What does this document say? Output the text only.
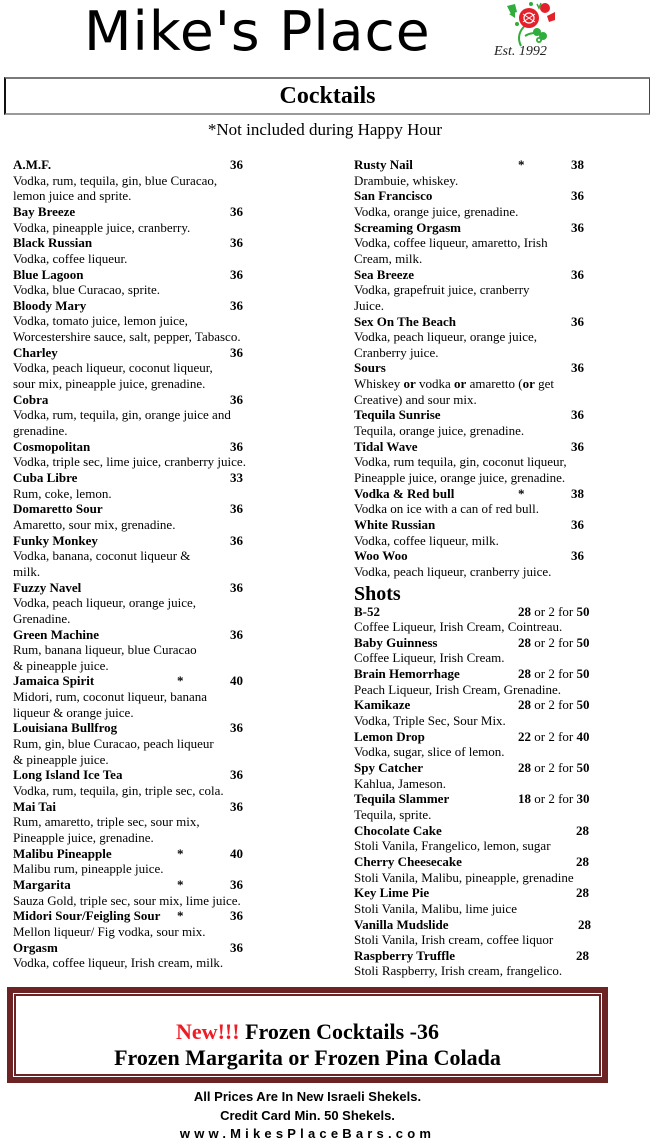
Mike's Place	Est. 1992
Cocktails
*Not included during Happy Hour
A.M.F.	36
Vodka, rum, tequila, gin, blue Curacao,
lemon juice and sprite.
Bay Breeze	36
Vodka, pineapple juice, cranberry.
Black Russian	36
Vodka, coffee liqueur.
Blue Lagoon	36
Vodka, blue Curacao, sprite.
Bloody Mary	36
Vodka, tomato juice, lemon juice,
Worcestershire sauce, salt, pepper, Tabasco.
Charley	36
Vodka, peach liqueur, coconut liqueur,
sour mix, pineapple juice, grenadine.
Cobra	36
Vodka, rum, tequila, gin, orange juice and
grenadine.
Cosmopolitan	36
Vodka, triple sec, lime juice, cranberry juice.
Cuba Libre	33
Rum, coke, lemon.
Domaretto Sour	36
Amaretto, sour mix, grenadine.
Funky Monkey	36
Vodka, banana, coconut liqueur &
milk.
Fuzzy Navel	36
Vodka, peach liqueur, orange juice,
Grenadine.
Green Machine	36
Rum, banana liqueur, blue Curacao
& pineapple juice.
Jamaica Spirit	*	40
Midori, rum, coconut liqueur, banana
liqueur & orange juice.
Louisiana Bullfrog	36
Rum, gin, blue Curacao, peach liqueur
& pineapple juice.
Long Island Ice Tea	36
Vodka, rum, tequila, gin, triple sec, cola.
Mai Tai	36
Rum, amaretto, triple sec, sour mix,
Pineapple juice, grenadine.
Malibu Pineapple	*	40
Malibu rum, pineapple juice.
Margarita	*	36
Sauza Gold, triple sec, sour mix, lime juice.
Midori Sour/Feigling Sour *	36
Mellon liqueur/ Fig vodka, sour mix.
Orgasm	36
Vodka, coffee liqueur, Irish cream, milk.
Rusty Nail	*	38
Drambuie, whiskey.
San Francisco	36
Vodka, orange juice, grenadine.
Screaming Orgasm	36
Vodka, coffee liqueur, amaretto, Irish
Cream, milk.
Sea Breeze	36
Vodka, grapefruit juice, cranberry
Juice.
Sex On The Beach	36
Vodka, peach liqueur, orange juice,
Cranberry juice.
Sours	36
Whiskey or vodka or amaretto (or get
Creative) and sour mix.
Tequila Sunrise	36
Tequila, orange juice, grenadine.
Tidal Wave	36
Vodka, rum tequila, gin, coconut liqueur,
Pineapple juice, orange juice, grenadine.
Vodka & Red bull	*	38
Vodka on ice with a can of red bull.
White Russian	36
Vodka, coffee liqueur, milk.
Woo Woo	36
Vodka, peach liqueur, cranberry juice.
Shots
B-52	28 or 2 for 50
Coffee Liqueur, Irish Cream, Cointreau.
Baby Guinness	28 or 2 for 50
Coffee Liqueur, Irish Cream.
Brain Hemorrhage	28 or 2 for 50
Peach Liqueur, Irish Cream, Grenadine.
Kamikaze	28 or 2 for 50
Vodka, Triple Sec, Sour Mix.
Lemon Drop	22 or 2 for 40
Vodka, sugar, slice of lemon.
Spy Catcher	28 or 2 for 50
Kahlua, Jameson.
Tequila Slammer	18 or 2 for 30
Tequila, sprite.
Chocolate Cake	28
Stoli Vanila, Frangelico, lemon, sugar
Cherry Cheesecake	28
Stoli Vanila, Malibu, pineapple, grenadine
Key Lime Pie	28
Stoli Vanila, Malibu, lime juice
Vanilla Mudslide	28
Stoli Vanila, Irish cream, coffee liquor
Raspberry Truffle	28
Stoli Raspberry, Irish cream, frangelico.
New!!! Frozen Cocktails -36
Frozen Margarita or Frozen Pina Colada
All Prices Are In New Israeli Shekels.
Credit Card Min. 50 Shekels.
www.MikesPlaceBars.com
